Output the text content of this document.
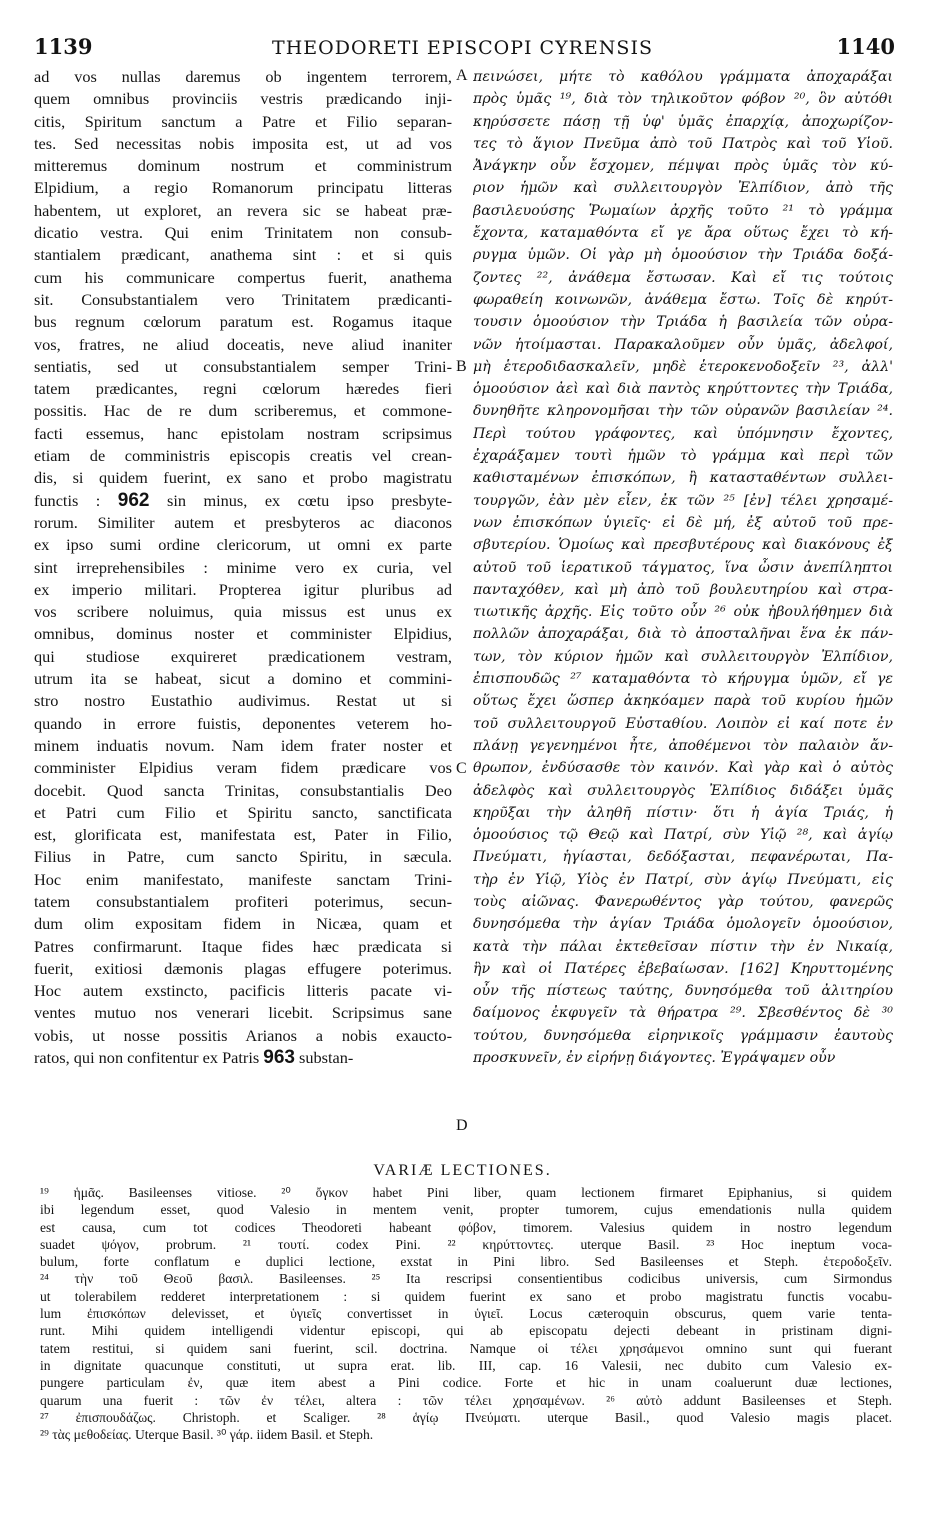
1139	THEODORETI EPISCOPI CYRENSIS	1140
ad vos nullas daremus ob ingentem terrorem,
quem omnibus provinciis vestris prædicando inji-
citis, Spiritum sanctum a Patre et Filio separan-
tes. Sed necessitas nobis imposita est, ut ad vos
mitteremus dominum nostrum et comministrum
Elpidium, a regio Romanorum principatu litteras
habentem, ut exploret, an revera sic se habeat præ-
dicatio vestra. Qui enim Trinitatem non consub-
stantialem prædicant, anathema sint : et si quis
cum his communicare compertus fuerit, anathema
sit. Consubstantialem vero Trinitatem prædicanti-
bus regnum cœlorum paratum est. Rogamus itaque
vos, fratres, ne aliud doceatis, neve aliud inaniter
sentiatis, sed ut consubstantialem semper Trini-
tatem prædicantes, regni cœlorum hæredes fieri
possitis. Hac de re dum scriberemus, et commone-
facti essemus, hanc epistolam nostram scripsimus
etiam de comministris episcopis creatis vel crean-
dis, si quidem fuerint, ex sano et probo magistratu
functis : 962 sin minus, ex cœtu ipso presbyte-
rorum. Similiter autem et presbyteros ac diaconos
ex ipso sumi ordine clericorum, ut omni ex parte
sint irreprehensibiles : minime vero ex curia, vel
ex imperio militari. Propterea igitur pluribus ad
vos scribere noluimus, quia missus est unus ex
omnibus, dominus noster et comminister Elpidius,
qui studiose exquireret prædicationem vestram,
utrum ita se habeat, sicut a domino et commini-
stro nostro Eustathio audivimus. Restat ut si
quando in errore fuistis, deponentes veterem ho-
minem induatis novum. Nam idem frater noster et
comminister Elpidius veram fidem prædicare vos
docebit. Quod sancta Trinitas, consubstantialis Deo
et Patri cum Filio et Spiritu sancto, sanctificata
est, glorificata est, manifestata est, Pater in Filio,
Filius in Patre, cum sancto Spiritu, in sæcula.
Hoc enim manifestato, manifeste sanctam Trini-
tatem consubstantialem profiteri poterimus, secun-
dum olim expositam fidem in Nicæa, quam et
Patres confirmarunt. Itaque fides hæc prædicata si
fuerit, exitiosi dæmonis plagas effugere poterimus.
Hoc autem exstincto, pacificis litteris pacate vi-
ventes mutuo nos venerari licebit. Scripsimus sane
vobis, ut nosse possitis Arianos a nobis exaucto-
ratos, qui non confitentur ex Patris 963 substan-
πεινώσει, μήτε τὸ καθόλου γράμματα ἀποχαράξαι
πρὸς ὑμᾶς ¹⁹, διὰ τὸν τηλικοῦτον φόβον ²⁰, ὃν αὐτόθι
κηρύσσετε πάσῃ τῇ ὑφ' ὑμᾶς ἐπαρχίᾳ, ἀποχωρίζον-
τες τὸ ἅγιον Πνεῦμα ἀπὸ τοῦ Πατρὸς καὶ τοῦ Υἱοῦ.
Ἀνάγκην οὖν ἔσχομεν, πέμψαι πρὸς ὑμᾶς τὸν κύ-
ριον ἡμῶν καὶ συλλειτουργὸν Ἐλπίδιον, ἀπὸ τῆς
βασιλευούσης Ῥωμαίων ἀρχῆς τοῦτο ²¹ τὸ γράμμα
ἔχοντα, καταμαθόντα εἴ γε ἄρα οὕτως ἔχει τὸ κή-
ρυγμα ὑμῶν. Οἱ γὰρ μὴ ὁμοούσιον τὴν Τριάδα δοξά-
ζοντες ²², ἀνάθεμα ἔστωσαν. Καὶ εἴ τις τούτοις
φωραθείη κοινωνῶν, ἀνάθεμα ἔστω. Τοῖς δὲ κηρύτ-
τουσιν ὁμοούσιον τὴν Τριάδα ἡ βασιλεία τῶν οὐρα-
νῶν ἡτοίμασται. Παρακαλοῦμεν οὖν ὑμᾶς, ἀδελφοί,
μὴ ἑτεροδιδασκαλεῖν, μηδὲ ἑτεροκενοδοξεῖν ²³, ἀλλ'
ὁμοούσιον ἀεὶ καὶ διὰ παντὸς κηρύττοντες τὴν Τριάδα,
δυνηθῆτε κληρονομῆσαι τὴν τῶν οὐρανῶν βασιλείαν ²⁴.
Περὶ τούτου γράφοντες, καὶ ὑπόμνησιν ἔχοντες,
ἐχαράξαμεν τουτὶ ἡμῶν τὸ γράμμα καὶ περὶ τῶν
καθισταμένων ἐπισκόπων, ἢ κατασταθέντων συλλει-
τουργῶν, ἐὰν μὲν εἶεν, ἐκ τῶν ²⁵ [ἐν] τέλει χρησαμέ-
νων ἐπισκόπων ὑγιεῖς· εἰ δὲ μή, ἐξ αὐτοῦ τοῦ πρε-
σβυτερίου. Ὁμοίως καὶ πρεσβυτέρους καὶ διακόνους ἐξ
αὐτοῦ τοῦ ἱερατικοῦ τάγματος, ἵνα ὦσιν ἀνεπίληπτοι
πανταχόθεν, καὶ μὴ ἀπὸ τοῦ βουλευτηρίου καὶ στρα-
τιωτικῆς ἀρχῆς. Εἰς τοῦτο οὖν ²⁶ οὐκ ἠβουλήθημεν διὰ
πολλῶν ἀποχαράξαι, διὰ τὸ ἀποσταλῆναι ἕνα ἐκ πάν-
των, τὸν κύριον ἡμῶν καὶ συλλειτουργὸν Ἐλπίδιον,
ἐπισπουδῶς ²⁷ καταμαθόντα τὸ κήρυγμα ὑμῶν, εἴ γε
οὕτως ἔχει ὥσπερ ἀκηκόαμεν παρὰ τοῦ κυρίου ἡμῶν
τοῦ συλλειτουργοῦ Εὐσταθίου. Λοιπὸν εἰ καί ποτε ἐν
πλάνῃ γεγενημένοι ἦτε, ἀποθέμενοι τὸν παλαιὸν ἄν-
θρωπον, ἐνδύσασθε τὸν καινόν. Καὶ γὰρ καὶ ὁ αὐτὸς
ἀδελφὸς καὶ συλλειτουργὸς Ἐλπίδιος διδάξει ὑμᾶς
κηρῦξαι τὴν ἀληθῆ πίστιν· ὅτι ἡ ἁγία Τριάς, ἡ
ὁμοούσιος τῷ Θεῷ καὶ Πατρί, σὺν Υἱῷ ²⁸, καὶ ἁγίῳ
Πνεύματι, ἡγίασται, δεδόξασται, πεφανέρωται, Πα-
τὴρ ἐν Υἱῷ, Υἱὸς ἐν Πατρί, σὺν ἁγίῳ Πνεύματι, εἰς
τοὺς αἰῶνας. Φανερωθέντος γὰρ τούτου, φανερῶς
δυνησόμεθα τὴν ἁγίαν Τριάδα ὁμολογεῖν ὁμοούσιον,
κατὰ τὴν πάλαι ἐκτεθεῖσαν πίστιν τὴν ἐν Νικαίᾳ,
ἣν καὶ οἱ Πατέρες ἐβεβαίωσαν. [162] Κηρυττομένης
οὖν τῆς πίστεως ταύτης, δυνησόμεθα τοῦ ἀλιτηρίου
δαίμονος ἐκφυγεῖν τὰ θήρατρα ²⁹. Σβεσθέντος δὲ ³⁰
τούτου, δυνησόμεθα εἰρηνικοῖς γράμμασιν ἑαυτοὺς
προσκυνεῖν, ἐν εἰρήνῃ διάγοντες. Ἐγράψαμεν οὖν
A
B
C
D
VARIÆ LECTIONES.
¹⁹ ἡμᾶς. Basileenses vitiose. ²⁰ ὄγκον habet Pini liber, quam lectionem firmaret Epiphanius, si quidem
ibi legendum esset, quod Valesio in mentem venit, propter tumorem, cujus emendationis nulla quidem
est causa, cum tot codices Theodoreti habeant φόβον, timorem. Valesius quidem in nostro legendum
suadet ψόγον, probrum. ²¹ τουτί. codex Pini. ²² κηρύττοντες. uterque Basil. ²³ Hoc ineptum voca-
bulum, forte conflatum e duplici lectione, exstat in Pini libro. Sed Basileenses et Steph. ἑτεροδοξεῖν.
²⁴ τὴν τοῦ Θεοῦ βασιλ. Basileenses. ²⁵ Ita rescripsi consentientibus codicibus universis, cum Sirmondus
ut tolerabilem redderet interpretationem : si quidem fuerint ex sano et probo magistratu functis vocabu-
lum ἐπισκόπων delevisset, et ὑγιεῖς convertisset in ὑγιεῖ. Locus cæteroquin obscurus, quem varie tenta-
runt. Mihi quidem intelligendi videntur episcopi, qui ab episcopatu dejecti debeant in pristinam digni-
tatem restitui, si quidem sani fuerint, scil. doctrina. Namque οἱ τέλει χρησάμενοι omnino sunt qui fuerant
in dignitate quacunque constituti, ut supra erat. lib. III, cap. 16 Valesii, nec dubito cum Valesio ex-
pungere particulam ἐν, quæ item abest a Pini codice. Forte et hic in unam coaluerunt duæ lectiones,
quarum una fuerit : τῶν ἐν τέλει, altera : τῶν τέλει χρησαμένων. ²⁶ αὐτὸ addunt Basileenses et Steph.
²⁷ ἐπισπουδάζως. Christoph. et Scaliger. ²⁸ ἁγίῳ Πνεύματι. uterque Basil., quod Valesio magis placet.
²⁹ τὰς μεθοδείας. Uterque Basil. ³⁰ γάρ. iidem Basil. et Steph.
